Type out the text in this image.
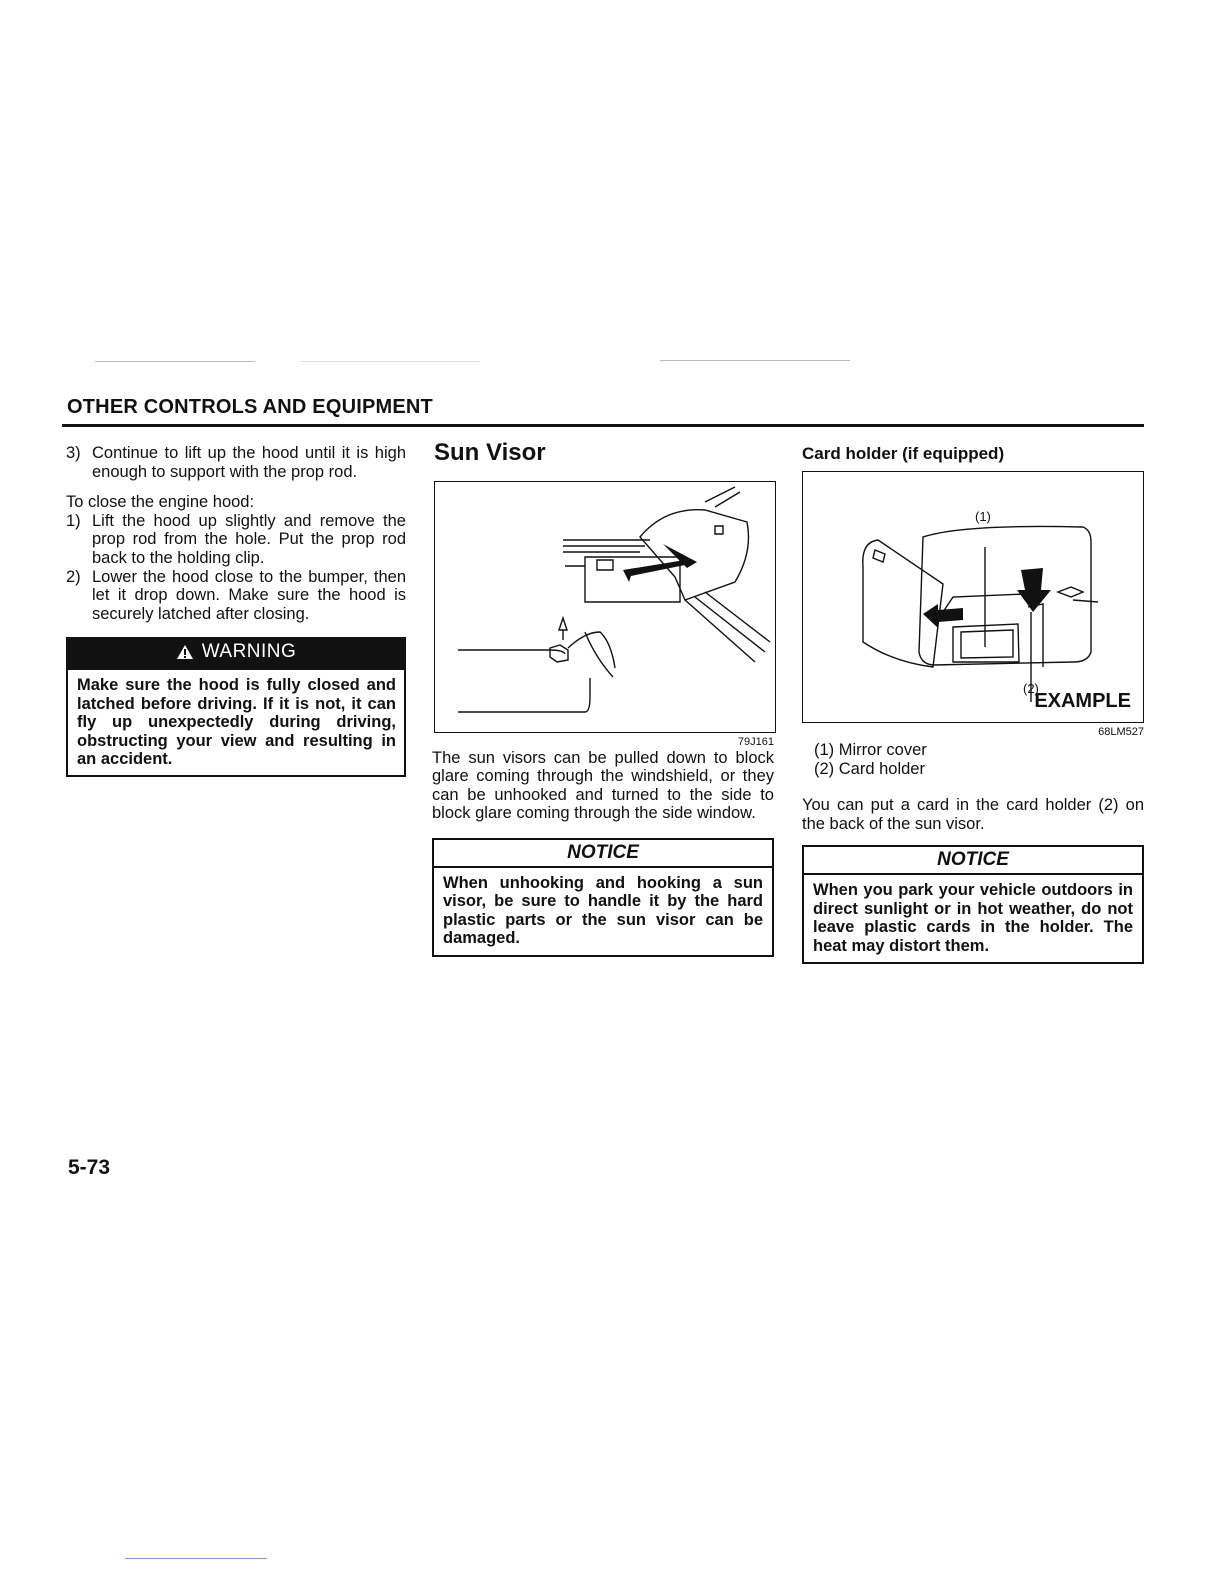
OTHER CONTROLS AND EQUIPMENT
3) Continue to lift up the hood until it is high enough to support with the prop rod.
To close the engine hood:
1) Lift the hood up slightly and remove the prop rod from the hole. Put the prop rod back to the holding clip.
2) Lower the hood close to the bumper, then let it drop down. Make sure the hood is securely latched after closing.
WARNING
Make sure the hood is fully closed and latched before driving. If it is not, it can fly up unexpectedly during driving, obstructing your view and resulting in an accident.
Sun Visor
79J161
The sun visors can be pulled down to block glare coming through the windshield, or they can be unhooked and turned to the side to block glare coming through the side window.
NOTICE
When unhooking and hooking a sun visor, be sure to handle it by the hard plastic parts or the sun visor can be damaged.
Card holder (if equipped)
(1)
(2)
EXAMPLE
68LM527
(1) Mirror cover
(2) Card holder
You can put a card in the card holder (2) on the back of the sun visor.
NOTICE
When you park your vehicle outdoors in direct sunlight or in hot weather, do not leave plastic cards in the holder. The heat may distort them.
5-73
